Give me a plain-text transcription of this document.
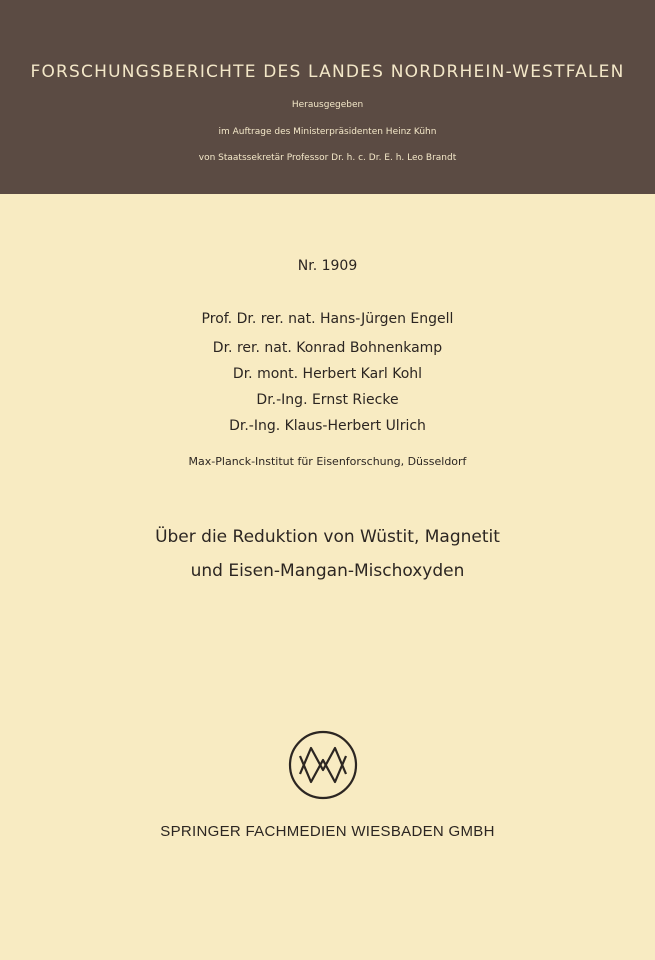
FORSCHUNGSBERICHTE DES LANDES NORDRHEIN-WESTFALEN
Herausgegeben
im Auftrage des Ministerpräsidenten Heinz Kühn
von Staatssekretär Professor Dr. h. c. Dr. E. h. Leo Brandt
Nr. 1909
Prof. Dr. rer. nat. Hans-Jürgen Engell
Dr. rer. nat. Konrad Bohnenkamp
Dr. mont. Herbert Karl Kohl
Dr.-Ing. Ernst Riecke
Dr.-Ing. Klaus-Herbert Ulrich
Max-Planck-Institut für Eisenforschung, Düsseldorf
Über die Reduktion von Wüstit, Magnetit
und Eisen-Mangan-Mischoxyden
SPRINGER FACHMEDIEN WIESBADEN GMBH
